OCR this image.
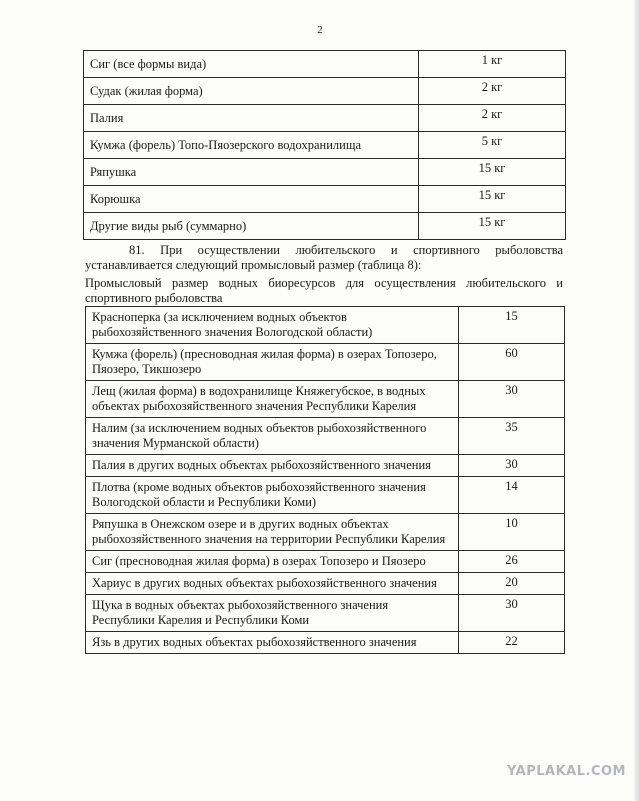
2
Сиг (все формы вида)	1 кг
Судак (жилая форма)	2 кг
Палия	2 кг
Кумжа (форель) Топо-Пяозерского водохранилища	5 кг
Ряпушка	15 кг
Корюшка	15 кг
Другие виды рыб (суммарно)	15 кг
81. При осуществлении любительского и спортивного рыболовства устанавливается следующий промысловый размер (таблица 8):
Промысловый размер водных биоресурсов для осуществления любительского и спортивного рыболовства
Красноперка (за исключением водных объектов рыбохозяйственного значения Вологодской области)	15
Кумжа (форель) (пресноводная жилая форма) в озерах Топозеро, Пяозеро, Тикшозеро	60
Лещ (жилая форма) в водохранилище Княжегубское, в водных объектах рыбохозяйственного значения Республики Карелия	30
Налим (за исключением водных объектов рыбохозяйственного значения Мурманской области)	35
Палия в других водных объектах рыбохозяйственного значения	30
Плотва (кроме водных объектов рыбохозяйственного значения Вологодской области и Республики Коми)	14
Ряпушка в Онежском озере и в других водных объектах рыбохозяйственного значения на территории Республики Карелия	10
Сиг (пресноводная жилая форма) в озерах Топозеро и Пяозеро	26
Хариус в других водных объектах рыбохозяйственного значения	20
Щука в водных объектах рыбохозяйственного значения Республики Карелия и Республики Коми	30
Язь в других водных объектах рыбохозяйственного значения	22
YAPLAKAL.COM
